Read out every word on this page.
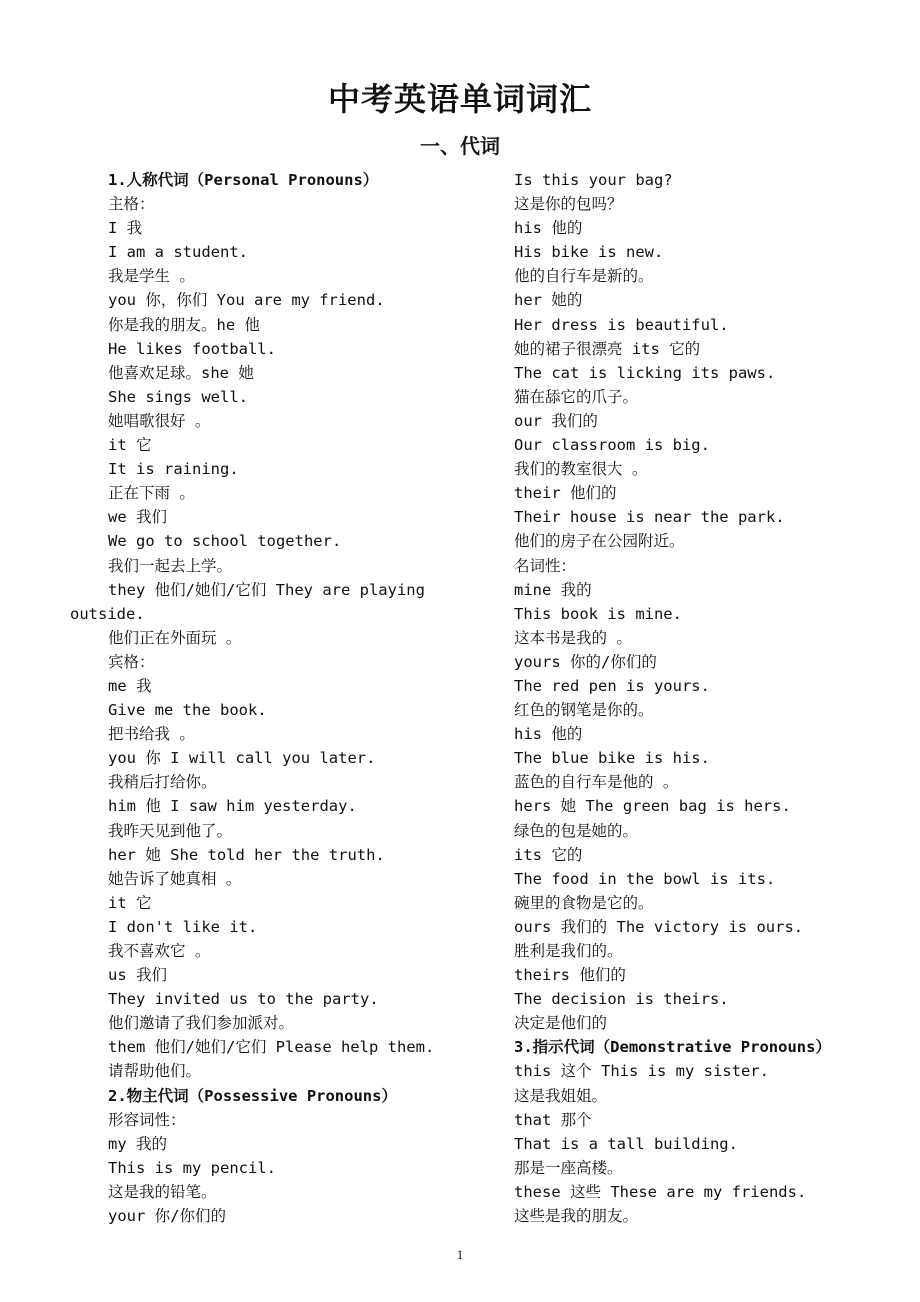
中考英语单词词汇
一、代词
1.人称代词（Personal Pronouns）
主格：
I 我
I am a student.
我是学生 。
you 你，你们 You are my friend.
你是我的朋友。he 他
He likes football.
他喜欢足球。she 她
She sings well.
她唱歌很好 。
it 它
It is raining.
正在下雨 。
we 我们
We go to school together.
我们一起去上学。
they 他们/她们/它们 They are playing
outside.
他们正在外面玩 。
宾格：
me 我
Give me the book.
把书给我 。
you 你 I will call you later.
我稍后打给你。
him 他 I saw him yesterday.
我昨天见到他了。
her 她 She told her the truth.
她告诉了她真相 。
it 它
I don't like it.
我不喜欢它 。
us 我们
They invited us to the party.
他们邀请了我们参加派对。
them 他们/她们/它们 Please help them.
请帮助他们。
2.物主代词（Possessive Pronouns）
形容词性：
my 我的
This is my pencil.
这是我的铅笔。
your 你/你们的
Is this your bag?
这是你的包吗？
his 他的
His bike is new.
他的自行车是新的。
her 她的
Her dress is beautiful.
她的裙子很漂亮 its 它的
The cat is licking its paws.
猫在舔它的爪子。
our 我们的
Our classroom is big.
我们的教室很大 。
their 他们的
Their house is near the park.
他们的房子在公园附近。
名词性：
mine 我的
This book is mine.
这本书是我的 。
yours 你的/你们的
The red pen is yours.
红色的钢笔是你的。
his 他的
The blue bike is his.
蓝色的自行车是他的 。
hers 她 The green bag is hers.
绿色的包是她的。
its 它的
The food in the bowl is its.
碗里的食物是它的。
ours 我们的 The victory is ours.
胜利是我们的。
theirs 他们的
The decision is theirs.
决定是他们的
3.指示代词（Demonstrative Pronouns）
this 这个 This is my sister.
这是我姐姐。
that 那个
That is a tall building.
那是一座高楼。
these 这些 These are my friends.
这些是我的朋友。
1
